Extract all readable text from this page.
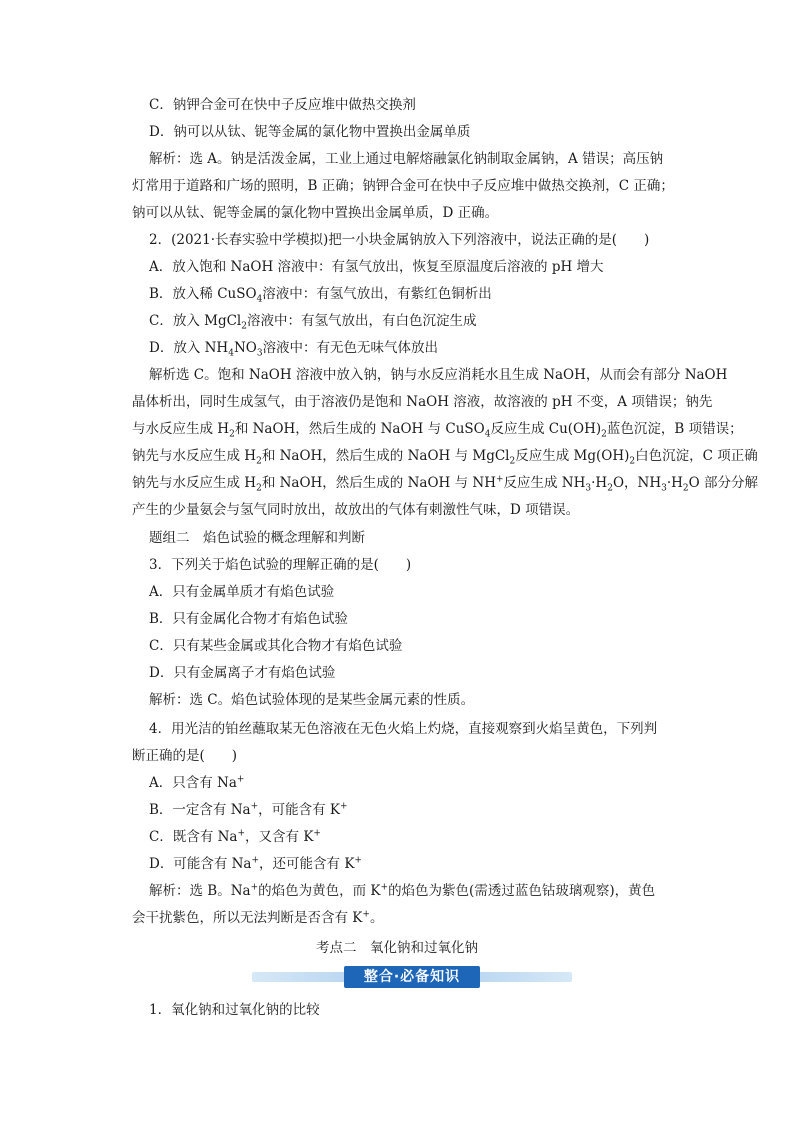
C．钠钾合金可在快中子反应堆中做热交换剂
D．钠可以从钛、铌等金属的氯化物中置换出金属单质
解析：选 A。钠是活泼金属，工业上通过电解熔融氯化钠制取金属钠，A 错误；高压钠
灯常用于道路和广场的照明，B 正确；钠钾合金可在快中子反应堆中做热交换剂，C 正确；
钠可以从钛、铌等金属的氯化物中置换出金属单质，D 正确。
2．(2021·长春实验中学模拟)把一小块金属钠放入下列溶液中，说法正确的是(　　)
A．放入饱和 NaOH 溶液中：有氢气放出，恢复至原温度后溶液的 pH 增大
B．放入稀 CuSO$_4$溶液中：有氢气放出，有紫红色铜析出
C．放入 MgCl$_2$溶液中：有氢气放出，有白色沉淀生成
D．放入 $NH_4NO_3$溶液中：有无色无味气体放出
解析选 C。饱和 NaOH 溶液中放入钠，钠与水反应消耗水且生成 NaOH，从而会有部分 NaOH
晶体析出，同时生成氢气，由于溶液仍是饱和 NaOH 溶液，故溶液的 pH 不变，A 项错误；钠先
与水反应生成 $H_2$和 NaOH，然后生成的 NaOH 与 CuSO$_4$反应生成 $Cu(OH)_2$蓝色沉淀，B 项错误；
钠先与水反应生成 $H_2$和 NaOH，然后生成的 NaOH 与 MgCl$_2$反应生成 $Mg(OH)_2$白色沉淀，C 项正确
钠先与水反应生成 $H_2$和 NaOH，然后生成的 NaOH 与 NH+反应生成 $NH_3\cdot H_2O$，$NH_3\cdot H_2O$ 部分分解
产生的少量氨会与氢气同时放出，故放出的气体有刺激性气味，D 项错误。
题组二　焰色试验的概念理解和判断
3．下列关于焰色试验的理解正确的是(　　)
A．只有金属单质才有焰色试验
B．只有金属化合物才有焰色试验
C．只有某些金属或其化合物才有焰色试验
D．只有金属离子才有焰色试验
解析：选 C。焰色试验体现的是某些金属元素的性质。
4．用光洁的铂丝蘸取某无色溶液在无色火焰上灼烧，直接观察到火焰呈黄色，下列判
断正确的是(　　)
A．只含有 Na+
B．一定含有 Na+，可能含有 K+
C．既含有 Na+，又含有 K+
D．可能含有 Na+，还可能含有 K+
解析：选 B。Na+的焰色为黄色，而 K+的焰色为紫色(需透过蓝色钴玻璃观察)，黄色
会干扰紫色，所以无法判断是否含有 K+。
考点二　氧化钠和过氧化钠
整合·必备知识
1．氧化钠和过氧化钠的比较
